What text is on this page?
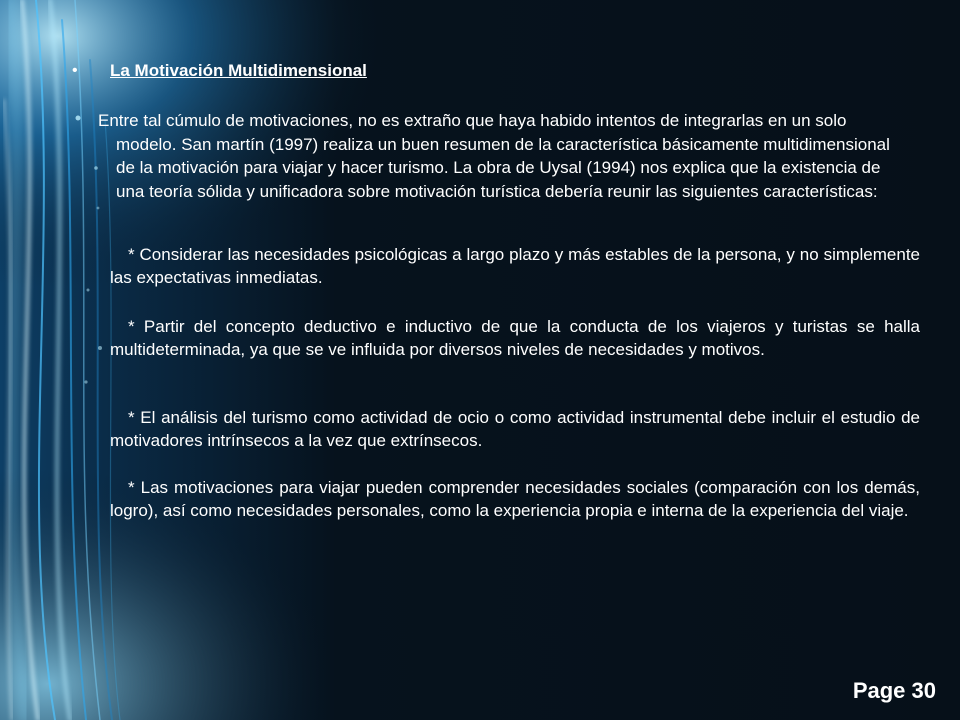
•	La Motivación Multidimensional
Entre tal cúmulo de motivaciones, no es extraño que haya habido intentos de integrarlas en un solo modelo. San martín (1997) realiza un buen resumen de la característica básicamente multidimensional de la motivación para viajar y hacer turismo. La obra de Uysal (1994) nos explica que la existencia de una teoría sólida y unificadora sobre motivación turística debería reunir las siguientes características:
* Considerar las necesidades psicológicas a largo plazo y más estables de la persona, y no simplemente las expectativas inmediatas.
* Partir del concepto deductivo e inductivo de que la conducta de los viajeros y turistas se halla multideterminada, ya que se ve influida por diversos niveles de necesidades y motivos.
* El análisis del turismo como actividad de ocio o como actividad instrumental debe incluir el estudio de motivadores intrínsecos a la vez que extrínsecos.
* Las motivaciones para viajar pueden comprender necesidades sociales (comparación con los demás, logro), así como necesidades personales, como la experiencia propia e interna de la experiencia del viaje.
Page 30
